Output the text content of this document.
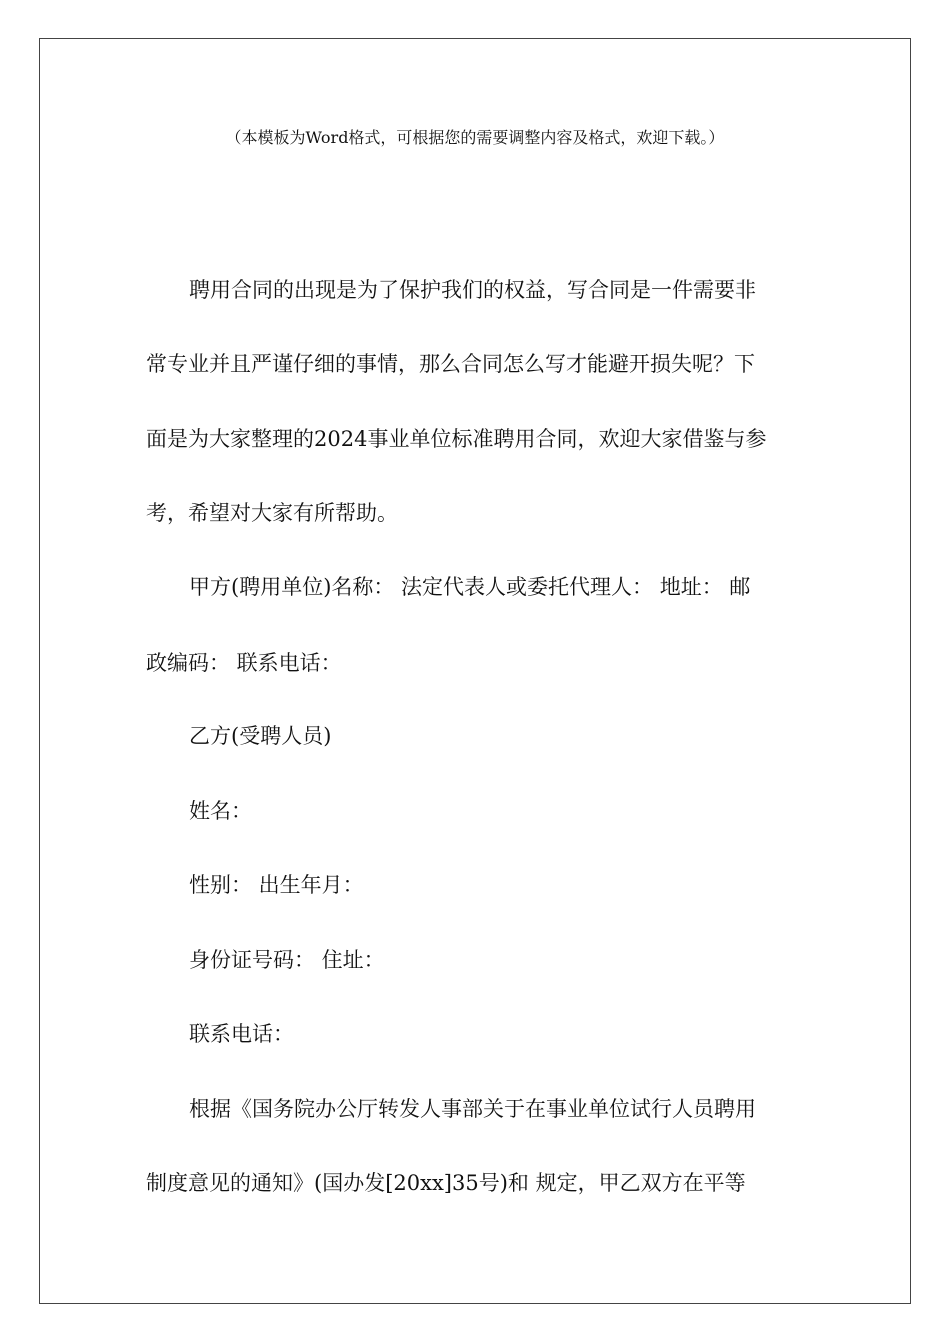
（本模板为Word格式，可根据您的需要调整内容及格式，欢迎下载。）
聘用合同的出现是为了保护我们的权益，写合同是一件需要非
常专业并且严谨仔细的事情，那么合同怎么写才能避开损失呢？下
面是为大家整理的2024事业单位标准聘用合同，欢迎大家借鉴与参
考，希望对大家有所帮助。
甲方(聘用单位)名称： 法定代表人或委托代理人： 地址： 邮
政编码： 联系电话：
乙方(受聘人员)
姓名：
性别： 出生年月：
身份证号码： 住址：
联系电话：
根据《国务院办公厅转发人事部关于在事业单位试行人员聘用
制度意见的通知》(国办发[20xx]35号)和 规定，甲乙双方在平等
